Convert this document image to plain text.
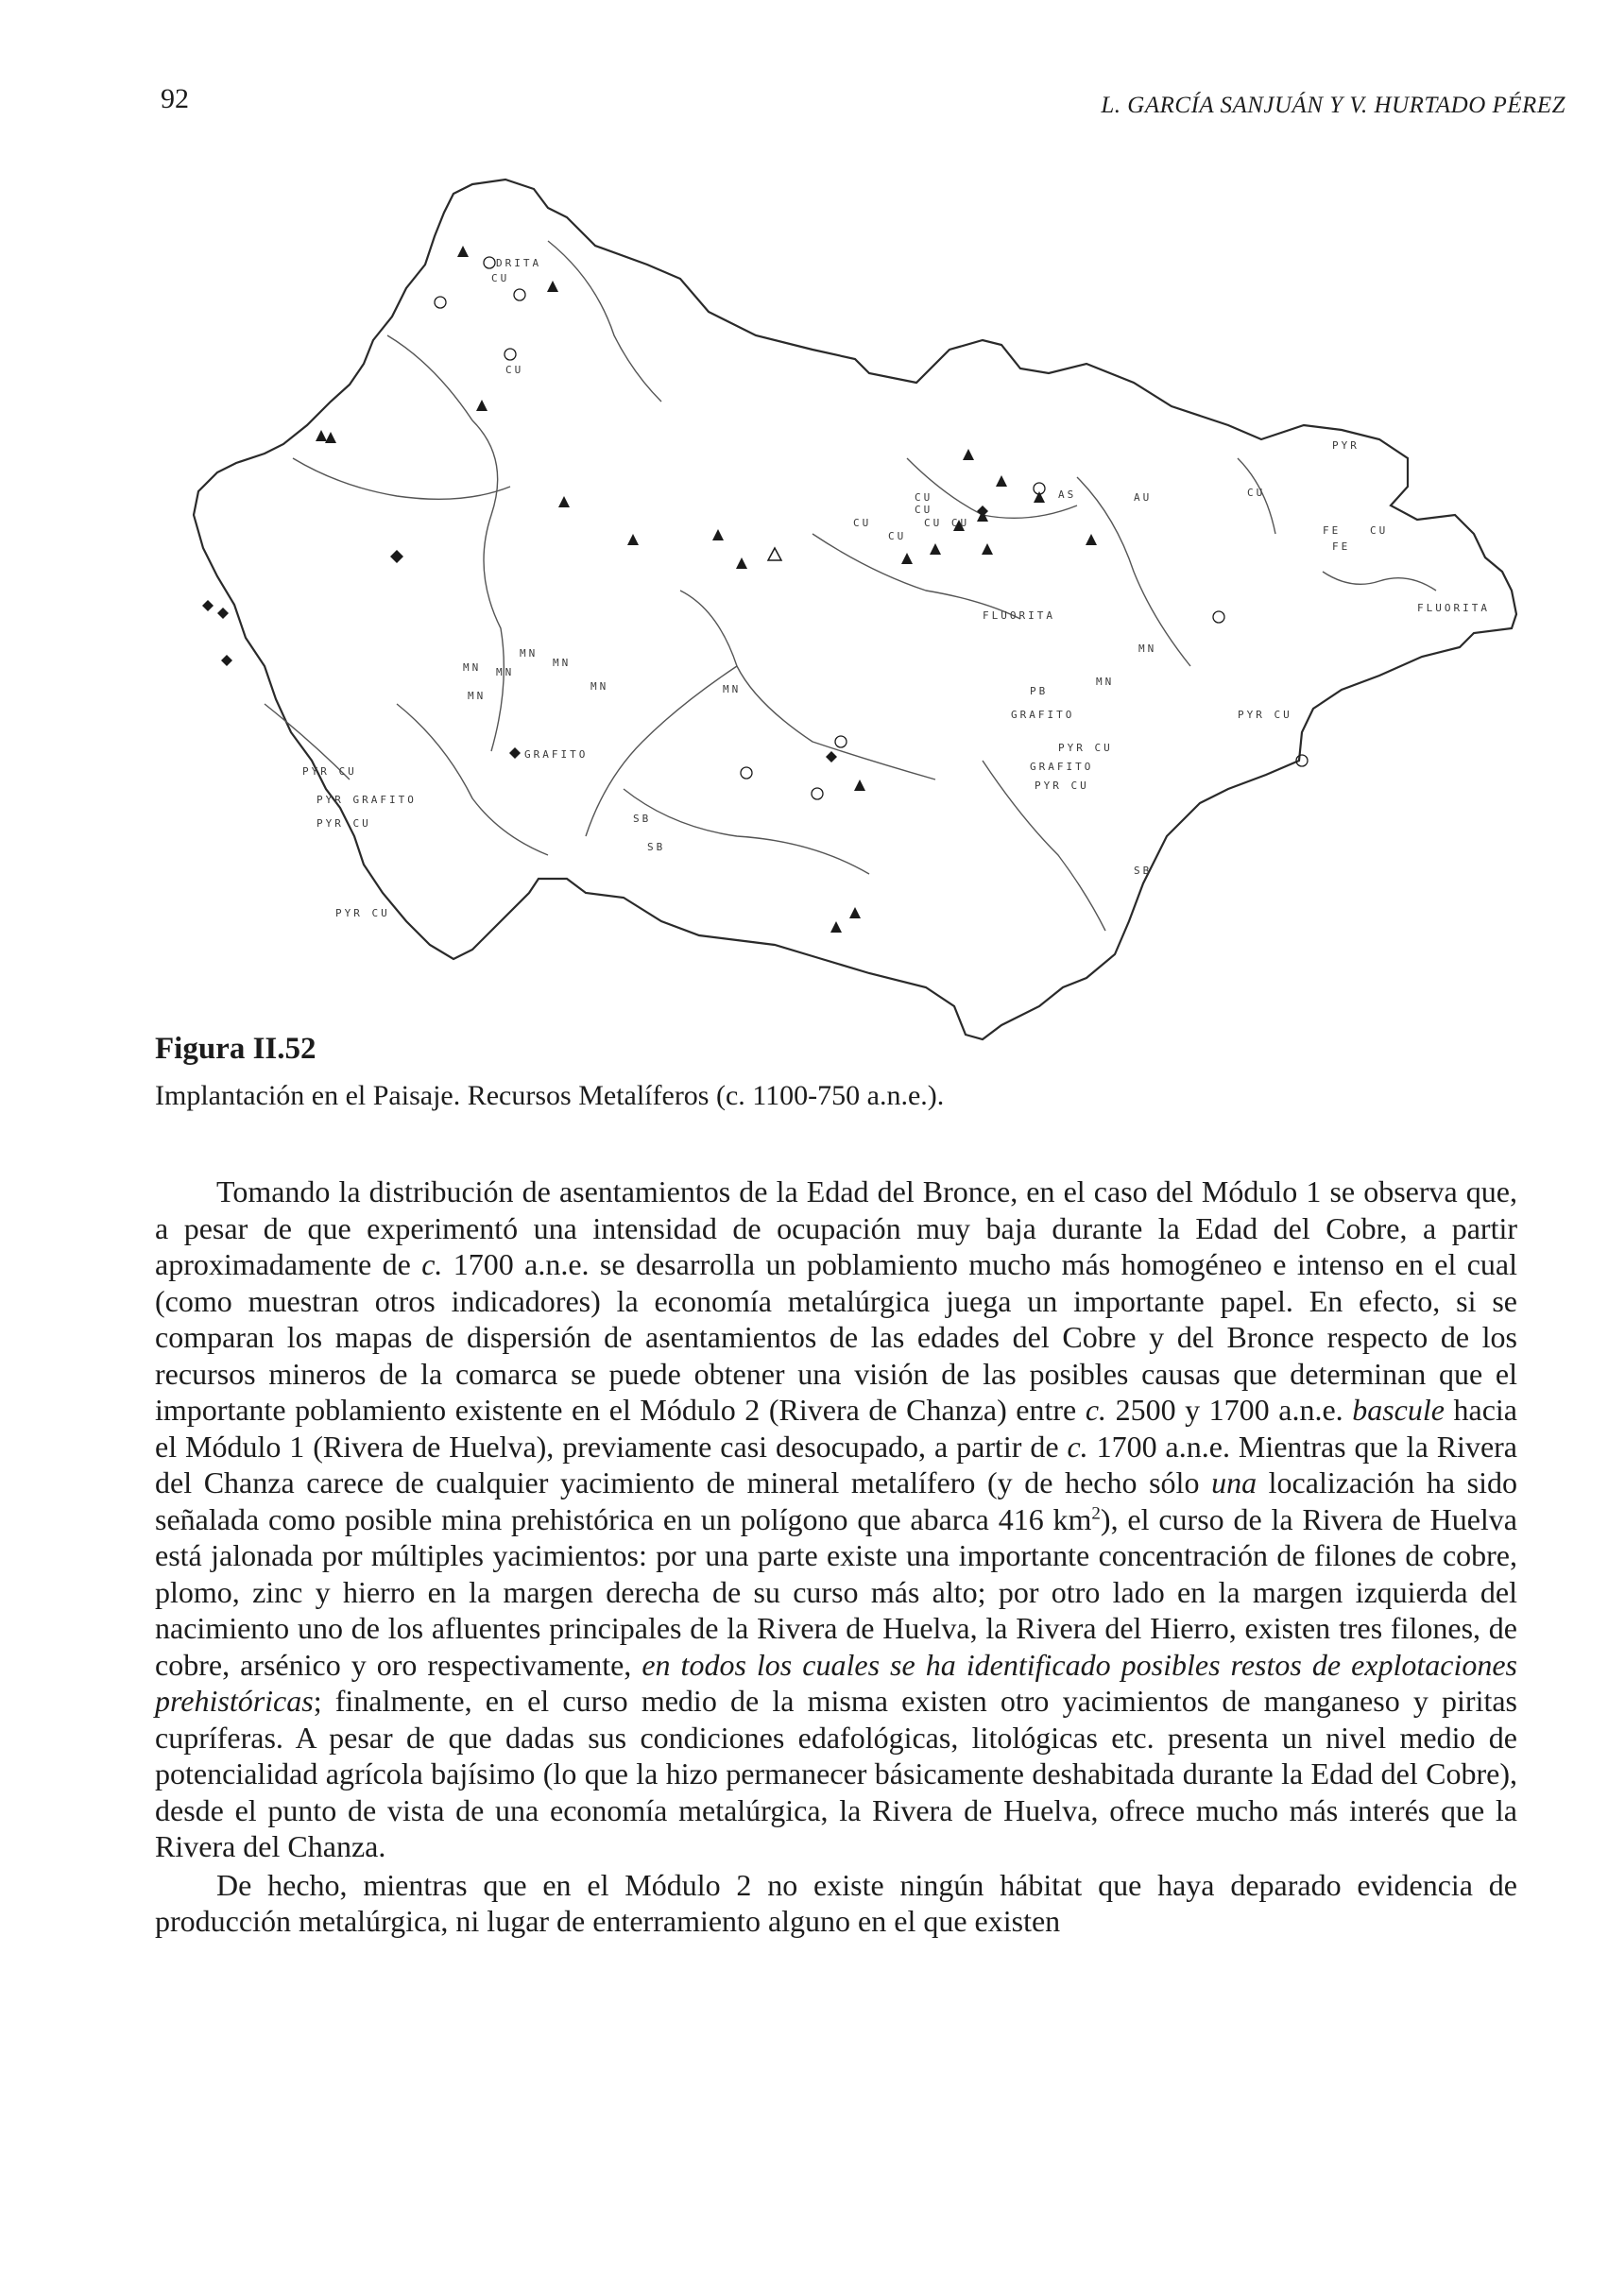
92	L. GARCÍA SANJUÁN Y V. HURTADO PÉREZ
DRITA
CU
CU
CU
CU
CU
CU CU
CU
MN
MN
MN
MN
MN
MN	MN
MN
MN
PYR CU
PYR GRAFITO
PYR CU
PYR CU
GRAFITO
GRAFITO
GRAFITO
PYR CU
PYR CU
FLUORITA
FLUORITA
AS	AU
PB
SB
SB
SB
FE
FE
CU
PYR CU
PYR
CU
Figura II.52
Implantación en el Paisaje. Recursos Metalíferos (c. 1100-750 a.n.e.).

Tomando la distribución de asentamientos de la Edad del Bronce, en el caso del Módulo 1 se observa que, a pesar de que experimentó una intensidad de ocupación muy baja durante la Edad del Cobre, a partir aproximadamente de c. 1700 a.n.e. se desarrolla un poblamiento mucho más homogéneo e intenso en el cual (como muestran otros indicadores) la economía metalúrgica juega un importante papel. En efecto, si se comparan los mapas de dispersión de asentamientos de las edades del Cobre y del Bronce respecto de los recursos mineros de la comarca se puede obtener una visión de las posibles causas que determinan que el importante poblamiento existente en el Módulo 2 (Rivera de Chanza) entre c. 2500 y 1700 a.n.e. bascule hacia el Módulo 1 (Rivera de Huelva), previamente casi desocupado, a partir de c. 1700 a.n.e. Mientras que la Rivera del Chanza carece de cualquier yacimiento de mineral metalífero (y de hecho sólo una localización ha sido señalada como posible mina prehistórica en un polígono que abarca 416 $km^2$), el curso de la Rivera de Huelva está jalonada por múltiples yacimientos: por una parte existe una importante concentración de filones de cobre, plomo, zinc y hierro en la margen derecha de su curso más alto; por otro lado en la margen izquierda del nacimiento uno de los afluentes principales de la Rivera de Huelva, la Rivera del Hierro, existen tres filones, de cobre, arsénico y oro respectivamente, en todos los cuales se ha identificado posibles restos de explotaciones prehistóricas; finalmente, en el curso medio de la misma existen otro yacimientos de manganeso y piritas cupríferas. A pesar de que dadas sus condiciones edafológicas, litológicas etc. presenta un nivel medio de potencialidad agrícola bajísimo (lo que la hizo permanecer básicamente deshabitada durante la Edad del Cobre), desde el punto de vista de una economía metalúrgica, la Rivera de Huelva, ofrece mucho más interés que la Rivera del Chanza.

De hecho, mientras que en el Módulo 2 no existe ningún hábitat que haya deparado evidencia de producción metalúrgica, ni lugar de enterramiento alguno en el que existen
